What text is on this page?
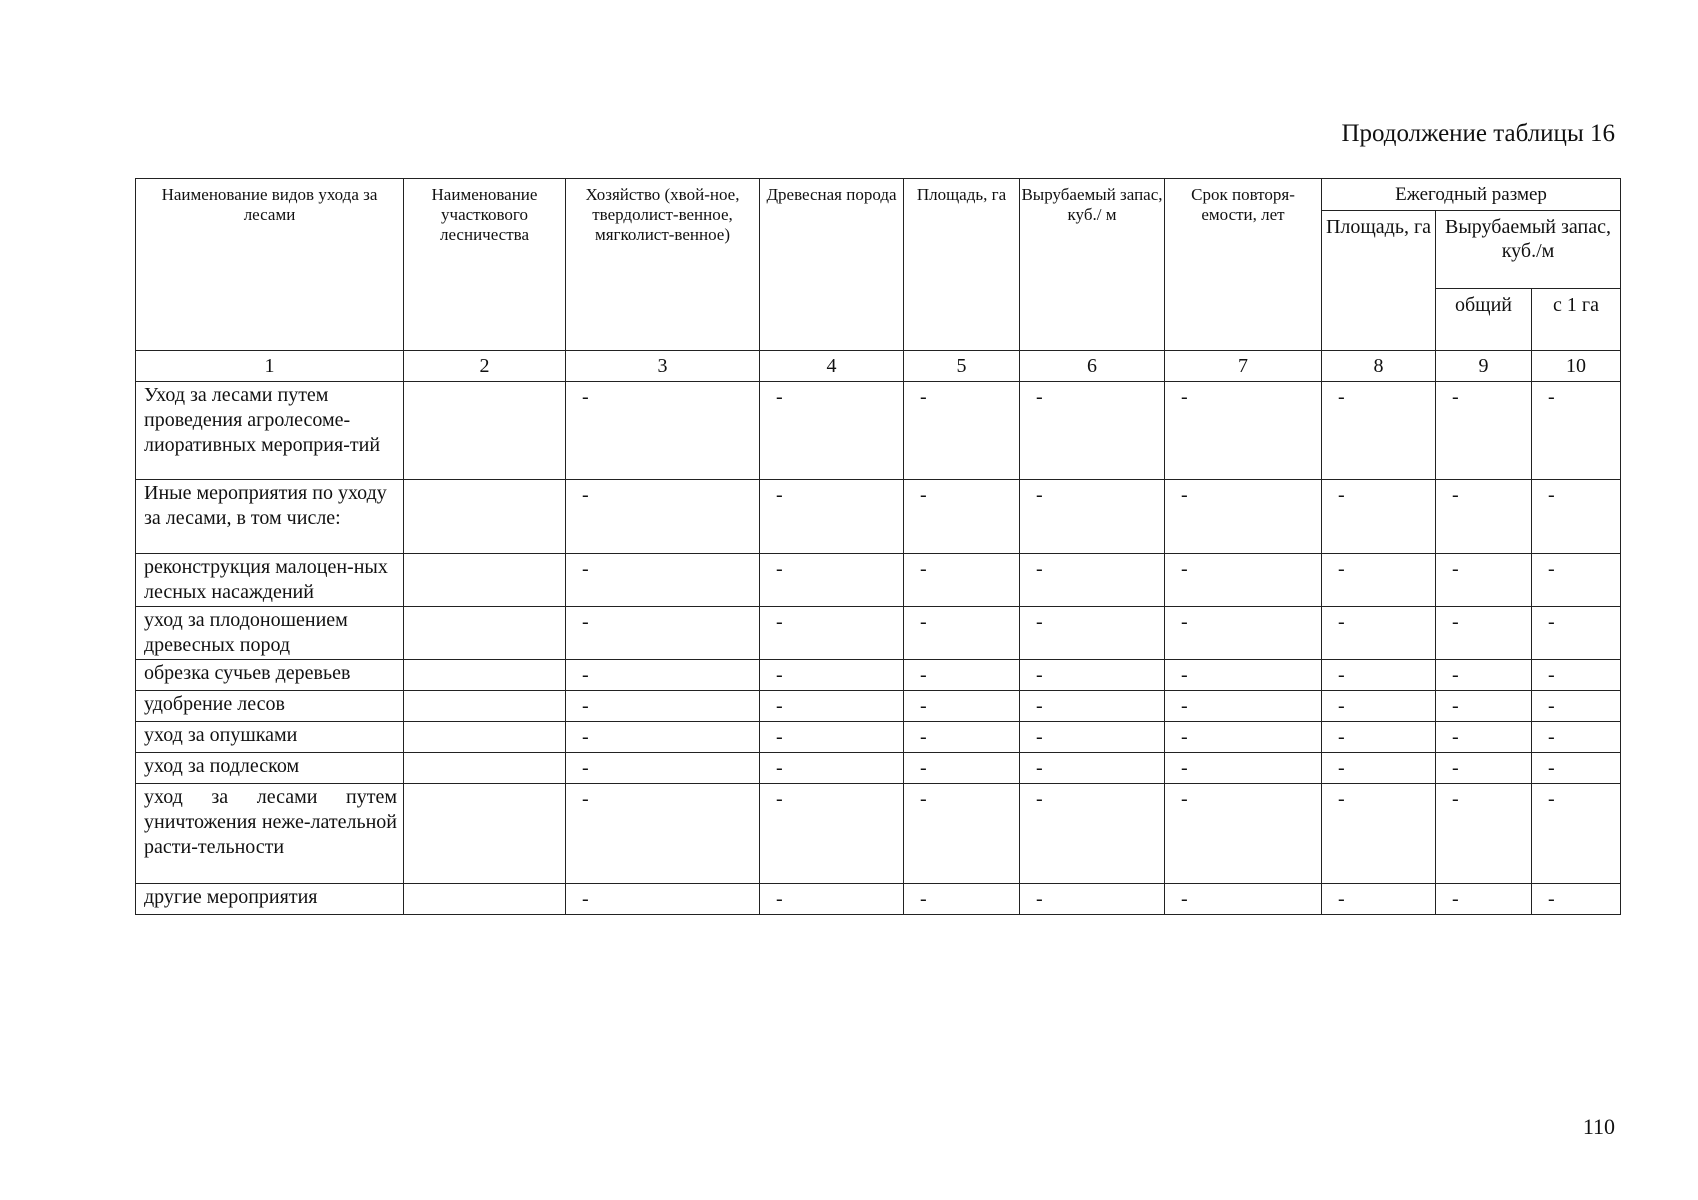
Продолжение таблицы 16
Наименование видов ухода за лесами	Наименование участкового лесничества	Хозяйство (хвой-ное, твердолист-венное, мягколист-венное)	Древесная порода	Площадь, га	Вырубаемый запас, куб./ м	Срок повторя-емости, лет	Ежегодный размер		
							Площадь, га	Вырубаемый запас, куб./м	
								общий	с 1 га
1	2	3	4	5	6	7	8	9	10
Уход за лесами путем проведения агролесоме-лиоративных мероприя-тий		-	-	-	-	-	-	-	-
Иные мероприятия по уходу за лесами, в том числе:		-	-	-	-	-	-	-	-
реконструкция малоцен-ных лесных насаждений		-	-	-	-	-	-	-	-
уход за плодоношением древесных пород		-	-	-	-	-	-	-	-
обрезка сучьев деревьев		-	-	-	-	-	-	-	-
удобрение лесов		-	-	-	-	-	-	-	-
уход за опушками		-	-	-	-	-	-	-	-
уход за подлеском		-	-	-	-	-	-	-	-
уход за лесами путем уничтожения неже-лательной расти-тельности		-	-	-	-	-	-	-	-
другие мероприятия		-	-	-	-	-	-	-	-
110
